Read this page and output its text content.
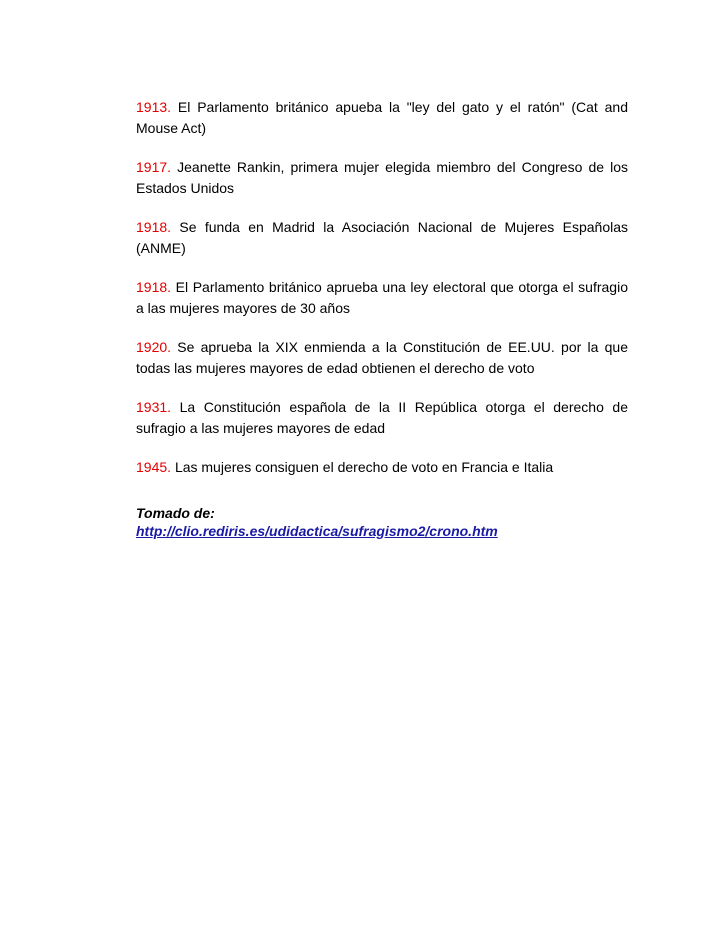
1913. El Parlamento británico apueba la "ley del gato y el ratón" (Cat and Mouse Act)

1917. Jeanette Rankin, primera mujer elegida miembro del Congreso de los Estados Unidos

1918. Se funda en Madrid la Asociación Nacional de Mujeres Españolas (ANME)

1918. El Parlamento británico aprueba una ley electoral que otorga el sufragio a las mujeres mayores de 30 años

1920. Se aprueba la XIX enmienda a la Constitución de EE.UU. por la que todas las mujeres mayores de edad obtienen el derecho de voto

1931. La Constitución española de la II República otorga el derecho de sufragio a las mujeres mayores de edad

1945. Las mujeres consiguen el derecho de voto en Francia e Italia

Tomado de:
http://clio.rediris.es/udidactica/sufragismo2/crono.htm
